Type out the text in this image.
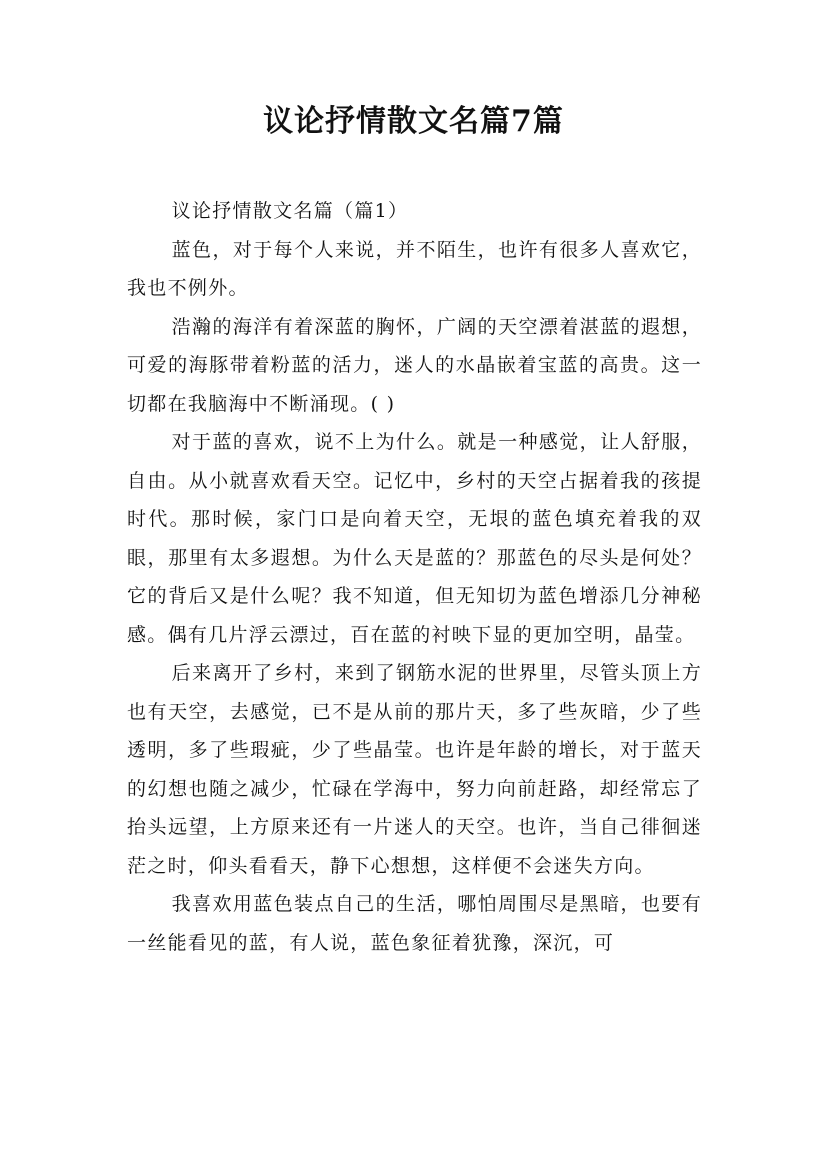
议论抒情散文名篇7篇

议论抒情散文名篇（篇1）

蓝色，对于每个人来说，并不陌生，也许有很多人喜欢它，我也不例外。

浩瀚的海洋有着深蓝的胸怀，广阔的天空漂着湛蓝的遐想，可爱的海豚带着粉蓝的活力，迷人的水晶嵌着宝蓝的高贵。这一切都在我脑海中不断涌现。( )

对于蓝的喜欢，说不上为什么。就是一种感觉，让人舒服，自由。从小就喜欢看天空。记忆中，乡村的天空占据着我的孩提时代。那时候，家门口是向着天空，无垠的蓝色填充着我的双眼，那里有太多遐想。为什么天是蓝的？那蓝色的尽头是何处？它的背后又是什么呢？我不知道，但无知切为蓝色增添几分神秘感。偶有几片浮云漂过，百在蓝的衬映下显的更加空明，晶莹。

后来离开了乡村，来到了钢筋水泥的世界里，尽管头顶上方也有天空，去感觉，已不是从前的那片天，多了些灰暗，少了些透明，多了些瑕疵，少了些晶莹。也许是年龄的增长，对于蓝天的幻想也随之减少，忙碌在学海中，努力向前赶路，却经常忘了抬头远望，上方原来还有一片迷人的天空。也许，当自己徘徊迷茫之时，仰头看看天，静下心想想，这样便不会迷失方向。

我喜欢用蓝色装点自己的生活，哪怕周围尽是黑暗，也要有一丝能看见的蓝，有人说，蓝色象征着犹豫，深沉，可
